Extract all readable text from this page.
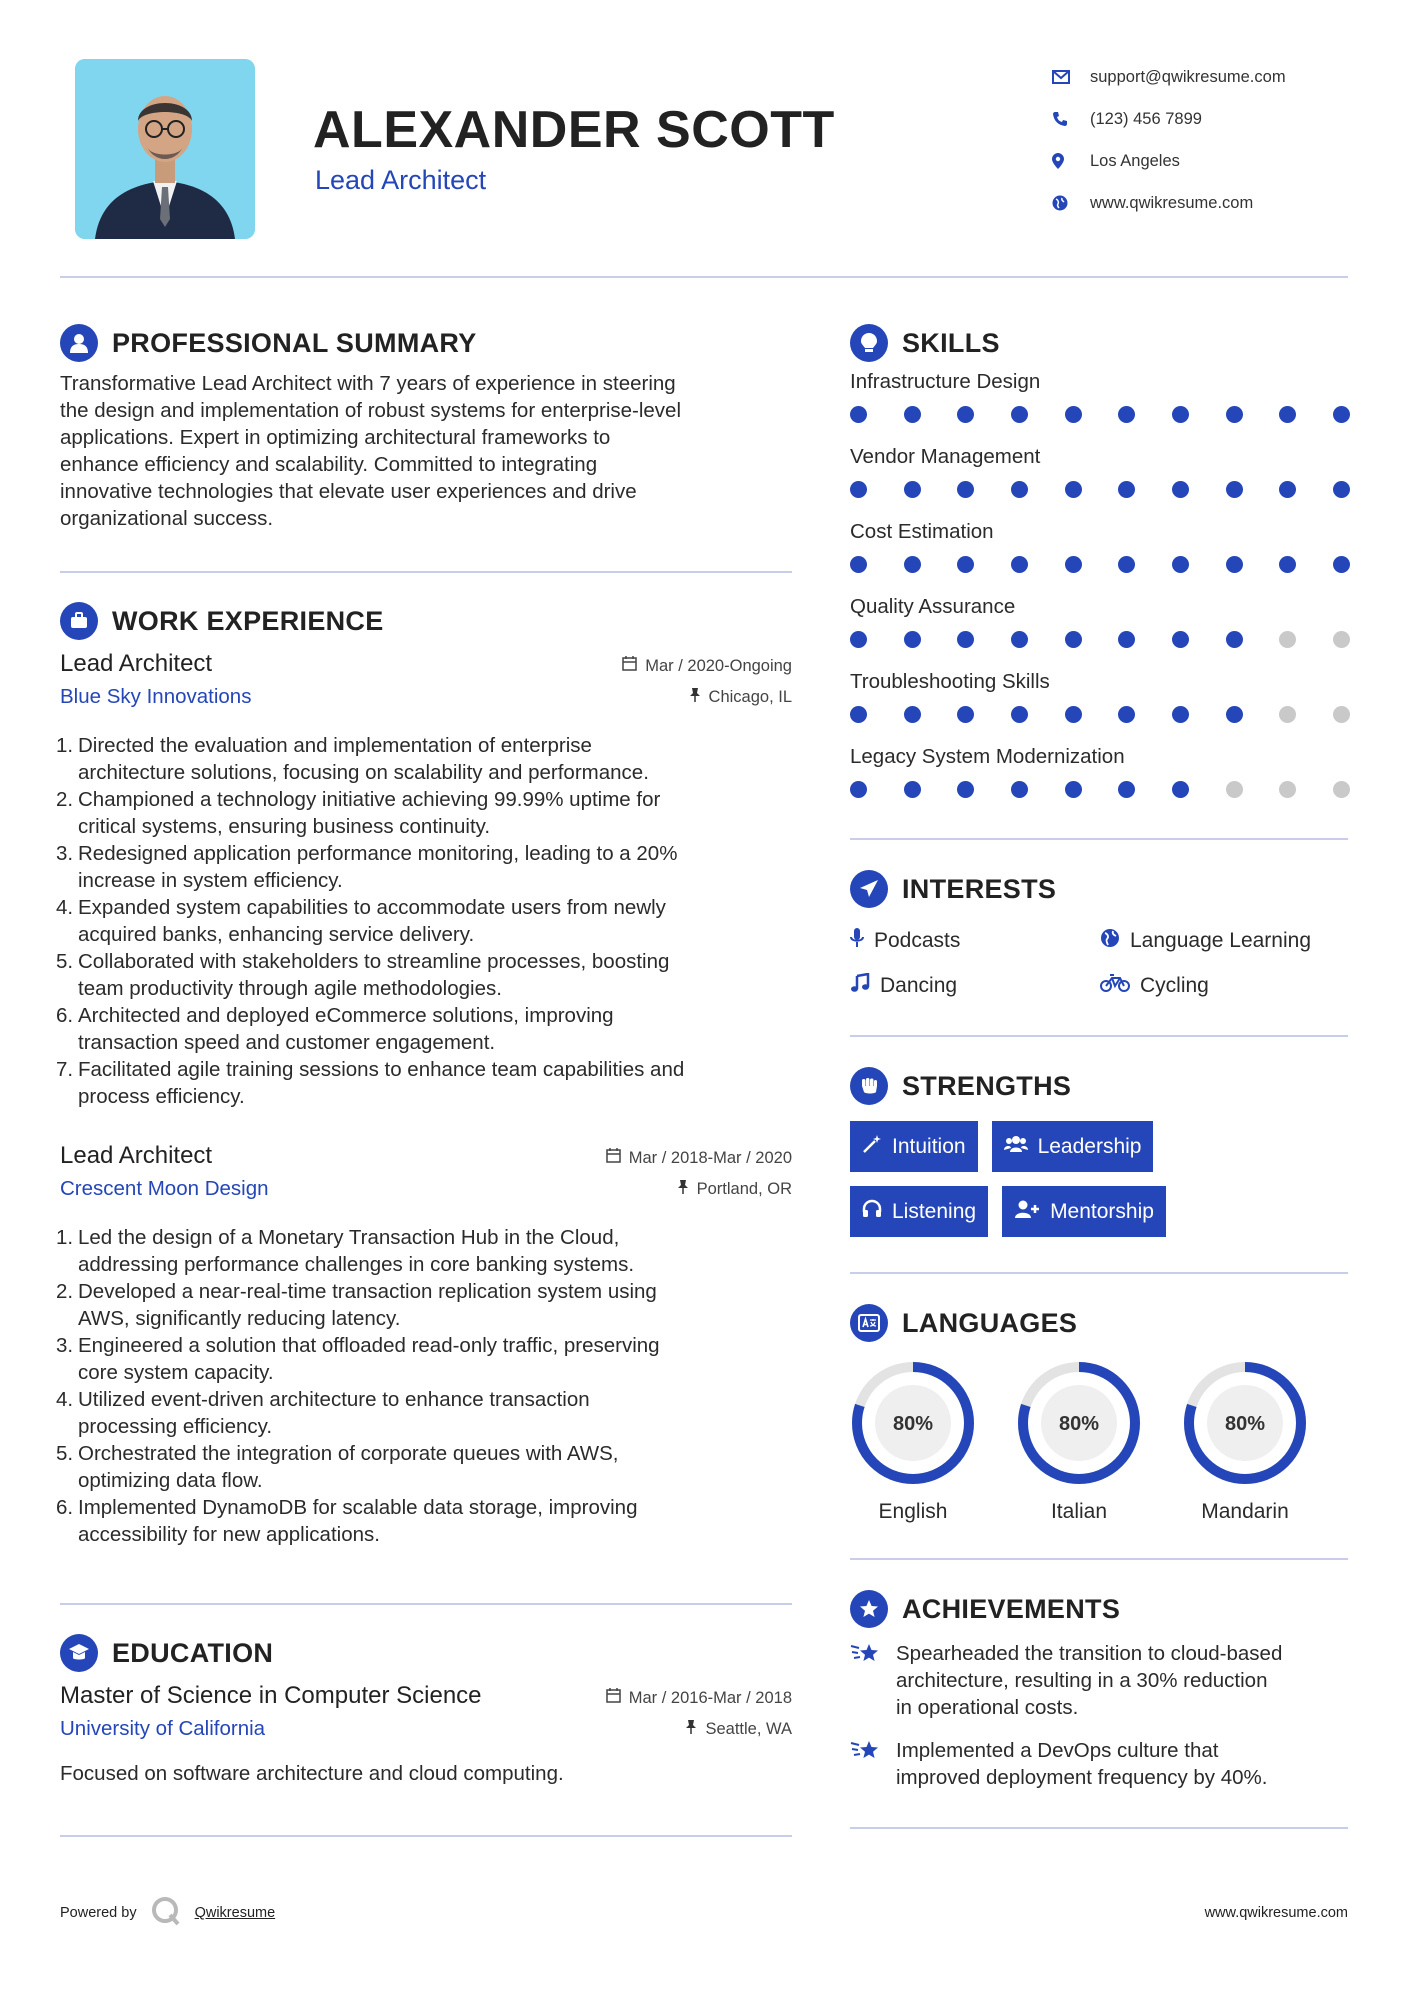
ALEXANDER SCOTT
Lead Architect
support@qwikresume.com
(123) 456 7899
Los Angeles
www.qwikresume.com
PROFESSIONAL SUMMARY
Transformative Lead Architect with 7 years of experience in steering
the design and implementation of robust systems for enterprise-level
applications. Expert in optimizing architectural frameworks to
enhance efficiency and scalability. Committed to integrating
innovative technologies that elevate user experiences and drive
organizational success.
WORK EXPERIENCE
Lead Architect
Blue Sky Innovations
Mar / 2020-Ongoing
Chicago, IL
1. Directed the evaluation and implementation of enterprise
architecture solutions, focusing on scalability and performance.
2. Championed a technology initiative achieving 99.99% uptime for
critical systems, ensuring business continuity.
3. Redesigned application performance monitoring, leading to a 20%
increase in system efficiency.
4. Expanded system capabilities to accommodate users from newly
acquired banks, enhancing service delivery.
5. Collaborated with stakeholders to streamline processes, boosting
team productivity through agile methodologies.
6. Architected and deployed eCommerce solutions, improving
transaction speed and customer engagement.
7. Facilitated agile training sessions to enhance team capabilities and
process efficiency.
Lead Architect
Crescent Moon Design
Mar / 2018-Mar / 2020
Portland, OR
1. Led the design of a Monetary Transaction Hub in the Cloud,
addressing performance challenges in core banking systems.
2. Developed a near-real-time transaction replication system using
AWS, significantly reducing latency.
3. Engineered a solution that offloaded read-only traffic, preserving
core system capacity.
4. Utilized event-driven architecture to enhance transaction
processing efficiency.
5. Orchestrated the integration of corporate queues with AWS,
optimizing data flow.
6. Implemented DynamoDB for scalable data storage, improving
accessibility for new applications.
EDUCATION
Master of Science in Computer Science
University of California
Mar / 2016-Mar / 2018
Seattle, WA
Focused on software architecture and cloud computing.
SKILLS
Infrastructure Design
Vendor Management
Cost Estimation
Quality Assurance
Troubleshooting Skills
Legacy System Modernization
INTERESTS
Podcasts	Language Learning
Dancing	Cycling
STRENGTHS
Intuition	Leadership
Listening	Mentorship
LANGUAGES
80%
English
80%
Italian
80%
Mandarin
ACHIEVEMENTS
Spearheaded the transition to cloud-based
architecture, resulting in a 30% reduction
in operational costs.
Implemented a DevOps culture that
improved deployment frequency by 40%.
Powered by	Qwikresume	www.qwikresume.com
